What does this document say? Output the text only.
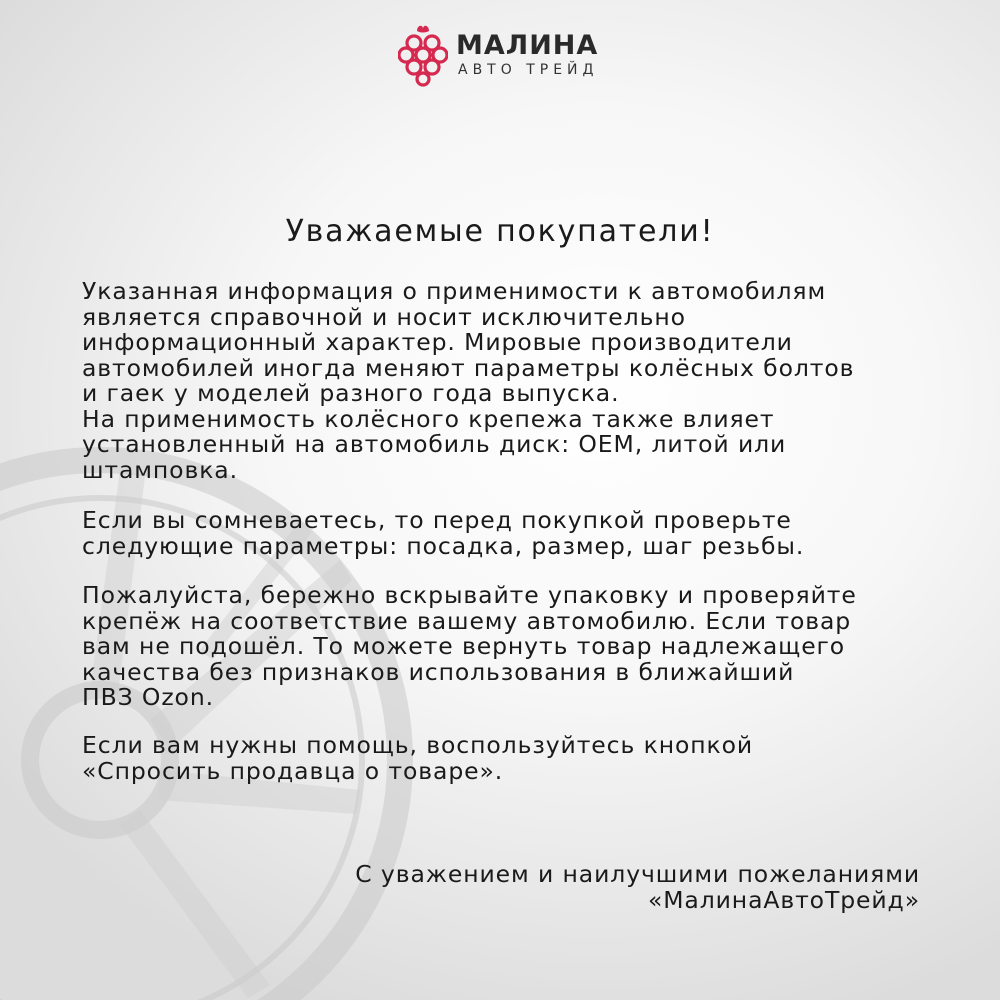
МАЛИНА
АВТО ТРЕЙД
Уважаемые покупатели!

Указанная информация о применимости к автомобилям
является справочной и носит исключительно
информационный характер. Мировые производители
автомобилей иногда меняют параметры колёсных болтов
и гаек у моделей разного года выпуска.
На применимость колёсного крепежа также влияет
установленный на автомобиль диск: OEM, литой или
штамповка.

Если вы сомневаетесь, то перед покупкой проверьте
следующие параметры: посадка, размер, шаг резьбы.

Пожалуйста, бережно вскрывайте упаковку и проверяйте
крепёж на соответствие вашему автомобилю. Если товар
вам не подошёл. То можете вернуть товар надлежащего
качества без признаков использования в ближайший
ПВЗ Ozon.

Если вам нужны помощь, воспользуйтесь кнопкой
«Спросить продавца о товаре».

С уважением и наилучшими пожеланиями
«МалинаАвтоТрейд»
